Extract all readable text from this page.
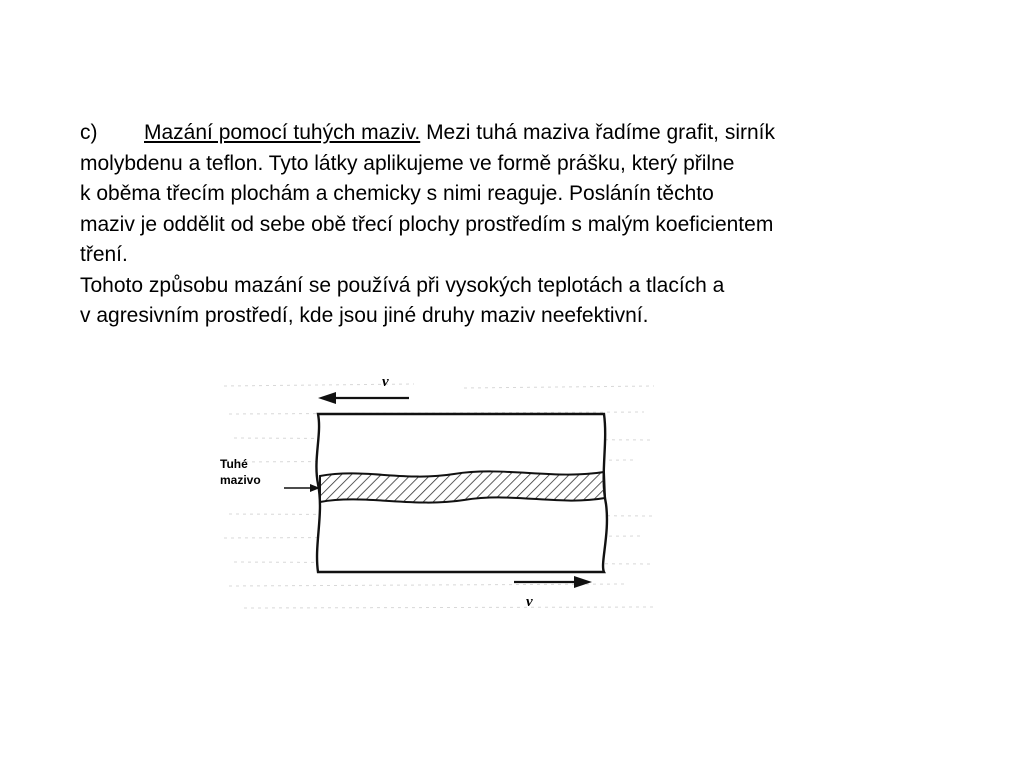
c) Mazání pomocí tuhých maziv. Mezi tuhá maziva řadíme grafit, sirník
molybdenu a teflon. Tyto látky aplikujeme ve formě prášku, který přilne
k oběma třecím plochám a chemicky s nimi reaguje. Poslánín těchto
maziv je oddělit od sebe obě třecí plochy prostředím s malým koeficientem
tření.

Tohoto způsobu mazání se používá při vysokých teplotách a tlacích a
v agresivním prostředí, kde jsou jiné druhy maziv neefektivní.

v
v
Tuhé
mazivo
